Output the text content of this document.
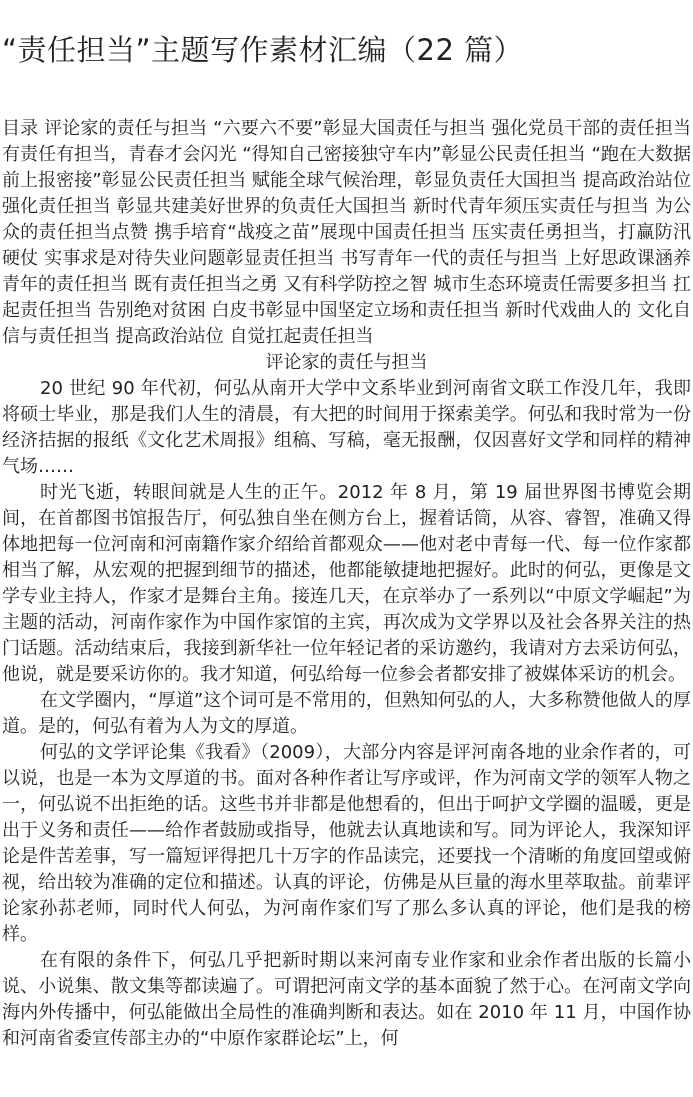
“责任担当”主题写作素材汇编（22 篇）

目录 评论家的责任与担当 “六要六不要”彰显大国责任与担当 强化党员干部的责任担当 有责任有担当，青春才会闪光 “得知自己密接独守车内”彰显公民责任担当 “跑在大数据前上报密接”彰显公民责任担当 赋能全球气候治理，彰显负责任大国担当 提高政治站位 强化责任担当 彰显共建美好世界的负责任大国担当 新时代青年须压实责任与担当 为公众的责任担当点赞 携手培育“战疫之苗”展现中国责任担当 压实责任勇担当，打赢防汛硬仗 实事求是对待失业问题彰显责任担当 书写青年一代的责任与担当 上好思政课涵养青年的责任担当 既有责任担当之勇 又有科学防控之智 城市生态环境责任需要多担当 扛起责任担当 告别绝对贫困 白皮书彰显中国坚定立场和责任担当 新时代戏曲人的 文化自信与责任担当 提高政治站位 自觉扛起责任担当

评论家的责任与担当

20 世纪 90 年代初，何弘从南开大学中文系毕业到河南省文联工作没几年，我即将硕士毕业，那是我们人生的清晨，有大把的时间用于探索美学。何弘和我时常为一份经济拮据的报纸《文化艺术周报》组稿、写稿，毫无报酬，仅因喜好文学和同样的精神气场……

时光飞逝，转眼间就是人生的正午。2012 年 8 月，第 19 届世界图书博览会期间，在首都图书馆报告厅，何弘独自坐在侧方台上，握着话筒，从容、睿智，准确又得体地把每一位河南和河南籍作家介绍给首都观众——他对老中青每一代、每一位作家都相当了解，从宏观的把握到细节的描述，他都能敏捷地把握好。此时的何弘，更像是文学专业主持人，作家才是舞台主角。接连几天，在京举办了一系列以“中原文学崛起”为主题的活动，河南作家作为中国作家馆的主宾，再次成为文学界以及社会各界关注的热门话题。活动结束后，我接到新华社一位年轻记者的采访邀约，我请对方去采访何弘，他说，就是要采访你的。我才知道，何弘给每一位参会者都安排了被媒体采访的机会。

在文学圈内，“厚道”这个词可是不常用的，但熟知何弘的人，大多称赞他做人的厚道。是的，何弘有着为人为文的厚道。

何弘的文学评论集《我看》（2009），大部分内容是评河南各地的业余作者的，可以说，也是一本为文厚道的书。面对各种作者让写序或评，作为河南文学的领军人物之一，何弘说不出拒绝的话。这些书并非都是他想看的，但出于呵护文学圈的温暖，更是出于义务和责任——给作者鼓励或指导，他就去认真地读和写。同为评论人，我深知评论是件苦差事，写一篇短评得把几十万字的作品读完，还要找一个清晰的角度回望或俯视，给出较为准确的定位和描述。认真的评论，仿佛是从巨量的海水里萃取盐。前辈评论家孙荪老师，同时代人何弘，为河南作家们写了那么多认真的评论，他们是我的榜样。

在有限的条件下，何弘几乎把新时期以来河南专业作家和业余作者出版的长篇小说、小说集、散文集等都读遍了。可谓把河南文学的基本面貌了然于心。在河南文学向海内外传播中，何弘能做出全局性的准确判断和表达。如在 2010 年 11 月，中国作协和河南省委宣传部主办的“中原作家群论坛”上，何
